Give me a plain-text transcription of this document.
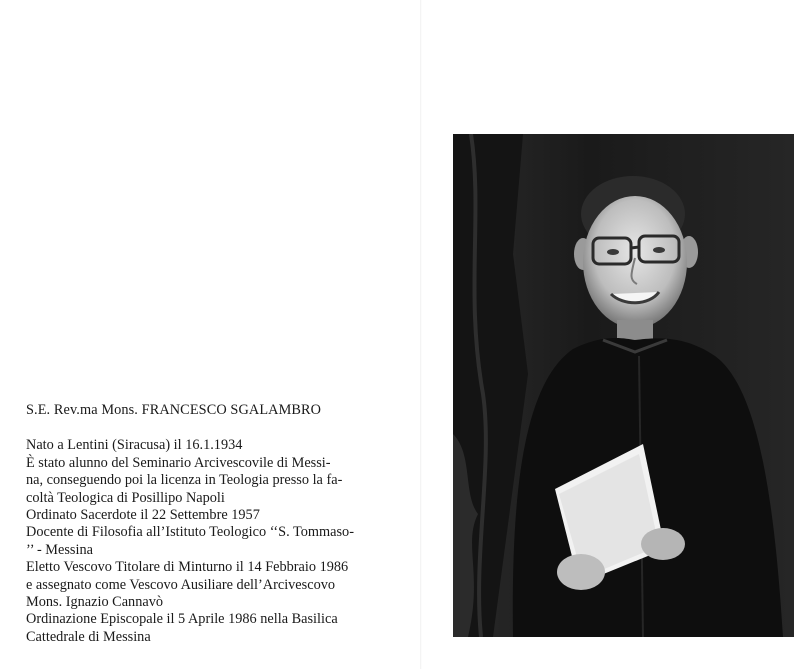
S.E. Rev.ma Mons. FRANCESCO SGALAMBRO
Nato a Lentini (Siracusa) il 16.1.1934
È stato alunno del Seminario Arcivescovile di Messi-
na, conseguendo poi la licenza in Teologia presso la fa-
coltà Teologica di Posillipo Napoli
Ordinato Sacerdote il 22 Settembre 1957
Docente di Filosofia all’Istituto Teologico ‘‘S. Tommaso-
’’ - Messina
Eletto Vescovo Titolare di Minturno il 14 Febbraio 1986
e assegnato come Vescovo Ausiliare dell’Arcivescovo
Mons. Ignazio Cannavò
Ordinazione Episcopale il 5 Aprile 1986 nella Basilica
Cattedrale di Messina
